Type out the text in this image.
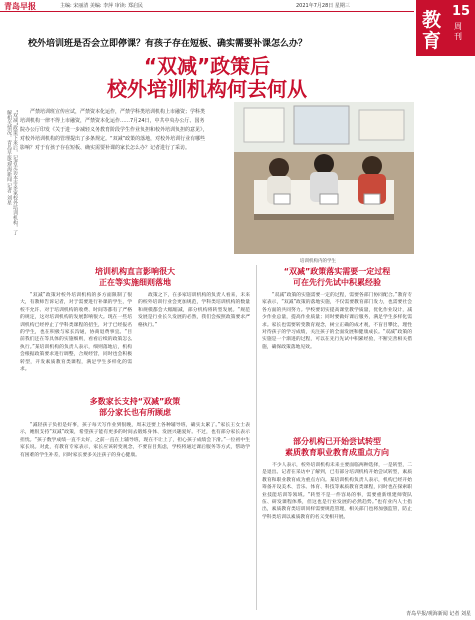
青岛早报	主编: 宋丽清 美编: 李萍 审读: 郑启民	2021年7月28日 星期三
教育
15
周刊
校外培训班是否会立即停课？有孩子存在短板、确实需要补课怎么办？
“双减”政策后
校外培训机构何去何从
“双减”政策下来后，记者走访本市多家校外培训机构，了解相关情况。青岛早报/观海新闻 记者 刘星	严禁培训班宣传应试，严禁资本化运作，严禁学科类培训机构上市融资；学科类培训机构一律不得上市融资，严禁资本化运作……7月24日，中共中央办公厅、国务院办公厅印发《关于进一步减轻义务教育阶段学生作业负担和校外培训负担的意见》，对校外培训机构的管理提出了多条规定。“双减”政策的落地，对校外培训行业有哪些影响？对于有孩子存在短板、确实需要补课的家长怎么办？记者进行了采访。
培训机构内的学生
培训机构直言影响很大
正在等实施细则落地

“双减”政策对校外培训机构的多方面限制了很大，有教师告诉记者，对于需要进行补课的学生，学校不允许、对于培训机构的收费、时间等都有了严格的规定，这对培训机构的发展影响很大。现在一些培训机构已经停止了学科类课程的招生，对于已经报名的学生，也在积极与家长沟通，协商退费事宜。“目前我们还在等具体的实施细则，看看后续的政策怎么执行。”某培训机构的负责人表示，细则落地后，机构会根据政策要求进行调整，合规经营，同时也会积极转型，开发素质教育类课程，满足学生多样化的需求。

政策之下，在多家培训机构的负责人看来，未来的校外培训行业会更加规范，学科类培训机构的数量和规模都会大幅缩减，部分机构将转型发展。“规范发展是行业长久发展的必然，我们会按照政策要求严格执行。”

多数家长支持“双减”政策
部分家长也有所顾虑

“减轻孩子负担是好事，孩子每天写作业到很晚，周末还要上各种辅导班，确实太累了。”家长王女士表示，她很支持“双减”政策，希望孩子能有更多的时间去锻炼身体、发展兴趣爱好。不过，也有部分家长表示担忧。“孩子数学成绩一直不太好，之前一直在上辅导班，现在不让上了，担心孩子成绩会下滑。”一位初中生家长说。对此，有教育专家表示，家长应该转变观念，不要盲目焦虑，学校将通过课后服务等方式，帮助学有困难的学生补差，同时家长要多关注孩子的身心健康。

“双减”政策落实需要一定过程
可在先行先试中积累经验

“双减”政策的实施需要一定的过程，需要各部门协同配合。”教育专家表示，“双减”政策的落地实施，不仅需要教育部门发力，也需要社会各方面的共同努力。学校要切实提高课堂教学质量，优化作业设计，减少作业总量，提高作业质量；同时要做好课后服务，满足学生多样化需求。家长也需要转变教育观念，树立正确的成才观，不盲目攀比，理性对待孩子的学习成绩，关注孩子的全面发展和健康成长。“双减”政策的实施是一个渐进的过程，可以在先行先试中积累经验，不断完善相关措施，确保政策落地见效。

部分机构已开始尝试转型
素质教育职业教育成重点方向

不少人表示，校外培训机构未来主要面临两种选择，一是转型，二是退出。记者在采访中了解到，已有部分培训机构开始尝试转型，素质教育和职业教育成为重点方向。某培训机构负责人表示，机构已经开始筹备开设美术、音乐、体育、科技等素质教育类课程，同时也在探索职业技能培训等领域。“转型不是一件容易的事，需要重新组建师资队伍、研发课程体系，但这也是行业发展的必然趋势。”也有业内人士指出，素质教育类培训同样需要规范管理，相关部门也将加强监管，防止学科类培训以素质教育的名义变相开展。

青岛早报/观海新闻 记者 刘星
